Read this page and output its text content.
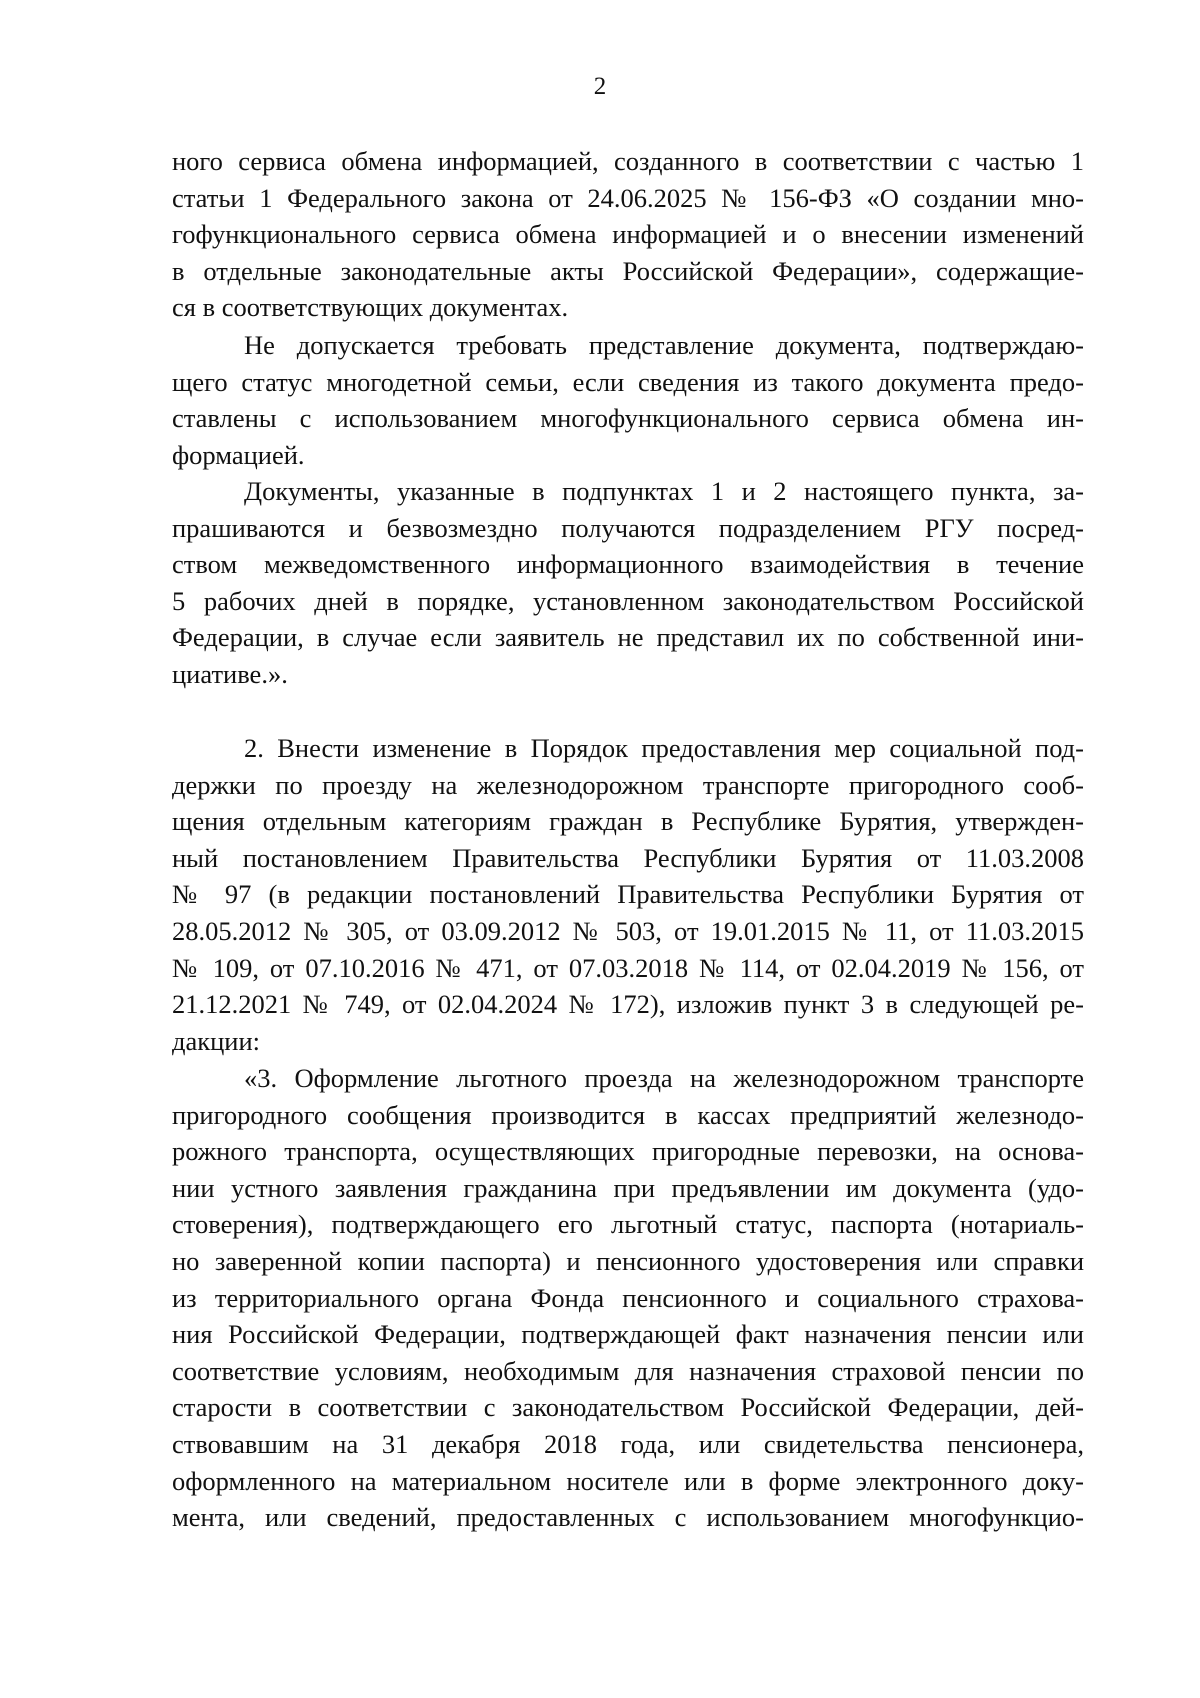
2
ного сервиса обмена информацией, созданного в соответствии с частью 1
статьи 1 Федерального закона от 24.06.2025 № 156-ФЗ «О создании мно-
гофункционального сервиса обмена информацией и о внесении изменений
в отдельные законодательные акты Российской Федерации», содержащие-
ся в соответствующих документах.
Не допускается требовать представление документа, подтверждаю-
щего статус многодетной семьи, если сведения из такого документа предо-
ставлены с использованием многофункционального сервиса обмена ин-
формацией.
Документы, указанные в подпунктах 1 и 2 настоящего пункта, за-
прашиваются и безвозмездно получаются подразделением РГУ посред-
ством межведомственного информационного взаимодействия в течение
5 рабочих дней в порядке, установленном законодательством Российской
Федерации, в случае если заявитель не представил их по собственной ини-
циативе.».
2. Внести изменение в Порядок предоставления мер социальной под-
держки по проезду на железнодорожном транспорте пригородного сооб-
щения отдельным категориям граждан в Республике Бурятия, утвержден-
ный постановлением Правительства Республики Бурятия от 11.03.2008
№ 97 (в редакции постановлений Правительства Республики Бурятия от
28.05.2012 № 305, от 03.09.2012 № 503, от 19.01.2015 № 11, от 11.03.2015
№ 109, от 07.10.2016 № 471, от 07.03.2018 № 114, от 02.04.2019 № 156, от
21.12.2021 № 749, от 02.04.2024 № 172), изложив пункт 3 в следующей ре-
дакции:
«3. Оформление льготного проезда на железнодорожном транспорте
пригородного сообщения производится в кассах предприятий железнодо-
рожного транспорта, осуществляющих пригородные перевозки, на основа-
нии устного заявления гражданина при предъявлении им документа (удо-
стоверения), подтверждающего его льготный статус, паспорта (нотариаль-
но заверенной копии паспорта) и пенсионного удостоверения или справки
из территориального органа Фонда пенсионного и социального страхова-
ния Российской Федерации, подтверждающей факт назначения пенсии или
соответствие условиям, необходимым для назначения страховой пенсии по
старости в соответствии с законодательством Российской Федерации, дей-
ствовавшим на 31 декабря 2018 года, или свидетельства пенсионера,
оформленного на материальном носителе или в форме электронного доку-
мента, или сведений, предоставленных с использованием многофункцио-
